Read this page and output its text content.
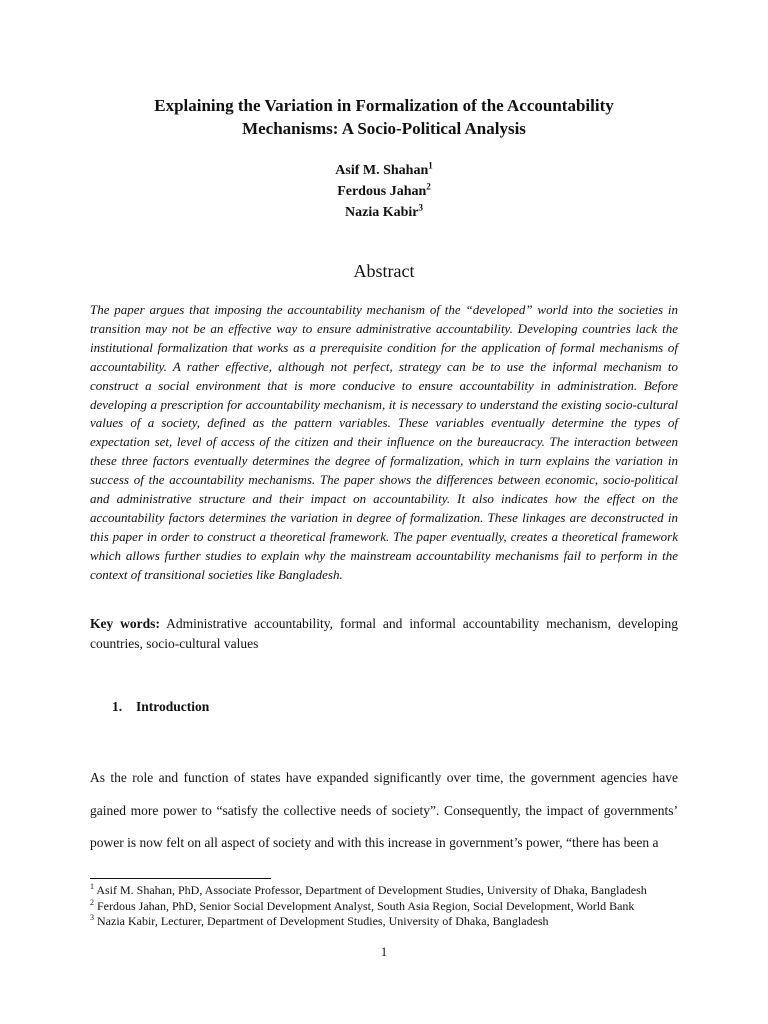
Explaining the Variation in Formalization of the Accountability
Mechanisms: A Socio-Political Analysis
Asif M. Shahan$^1$
Ferdous Jahan$^2$
Nazia Kabir$^3$
Abstract

The paper argues that imposing the accountability mechanism of the “developed” world into the societies in transition may not be an effective way to ensure administrative accountability. Developing countries lack the institutional formalization that works as a prerequisite condition for the application of formal mechanisms of accountability. A rather effective, although not perfect, strategy can be to use the informal mechanism to construct a social environment that is more conducive to ensure accountability in administration. Before developing a prescription for accountability mechanism, it is necessary to understand the existing socio-cultural values of a society, defined as the pattern variables. These variables eventually determine the types of expectation set, level of access of the citizen and their influence on the bureaucracy. The interaction between these three factors eventually determines the degree of formalization, which in turn explains the variation in success of the accountability mechanisms. The paper shows the differences between economic, socio-political and administrative structure and their impact on accountability. It also indicates how the effect on the accountability factors determines the variation in degree of formalization. These linkages are deconstructed in this paper in order to construct a theoretical framework. The paper eventually, creates a theoretical framework which allows further studies to explain why the mainstream accountability mechanisms fail to perform in the context of transitional societies like Bangladesh.

Key words: Administrative accountability, formal and informal accountability mechanism, developing countries, socio-cultural values

1. Introduction

As the role and function of states have expanded significantly over time, the government agencies have gained more power to “satisfy the collective needs of society”. Consequently, the impact of governments’ power is now felt on all aspect of society and with this increase in government’s power, “there has been a

$^1$ Asif M. Shahan, PhD, Associate Professor, Department of Development Studies, University of Dhaka, Bangladesh
$^2$ Ferdous Jahan, PhD, Senior Social Development Analyst, South Asia Region, Social Development, World Bank
$^3$ Nazia Kabir, Lecturer, Department of Development Studies, University of Dhaka, Bangladesh
1
